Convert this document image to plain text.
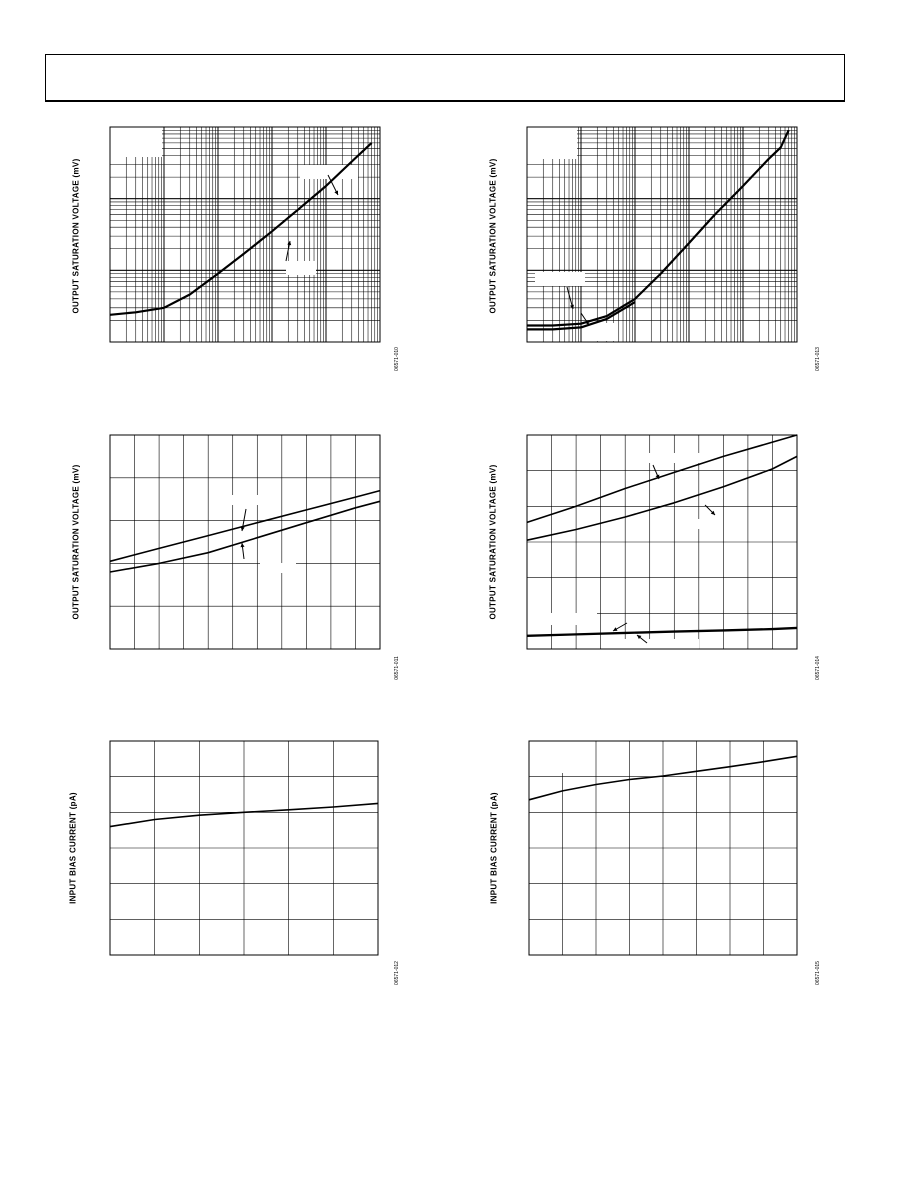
OUTPUT SATURATION VOLTAGE (mV)
06571-010
OUTPUT SATURATION VOLTAGE (mV)
06571-013
OUTPUT SATURATION VOLTAGE (mV)
06571-011
OUTPUT SATURATION VOLTAGE (mV)
06571-014
INPUT BIAS CURRENT (pA)
06571-012
INPUT BIAS CURRENT (pA)
06571-015
